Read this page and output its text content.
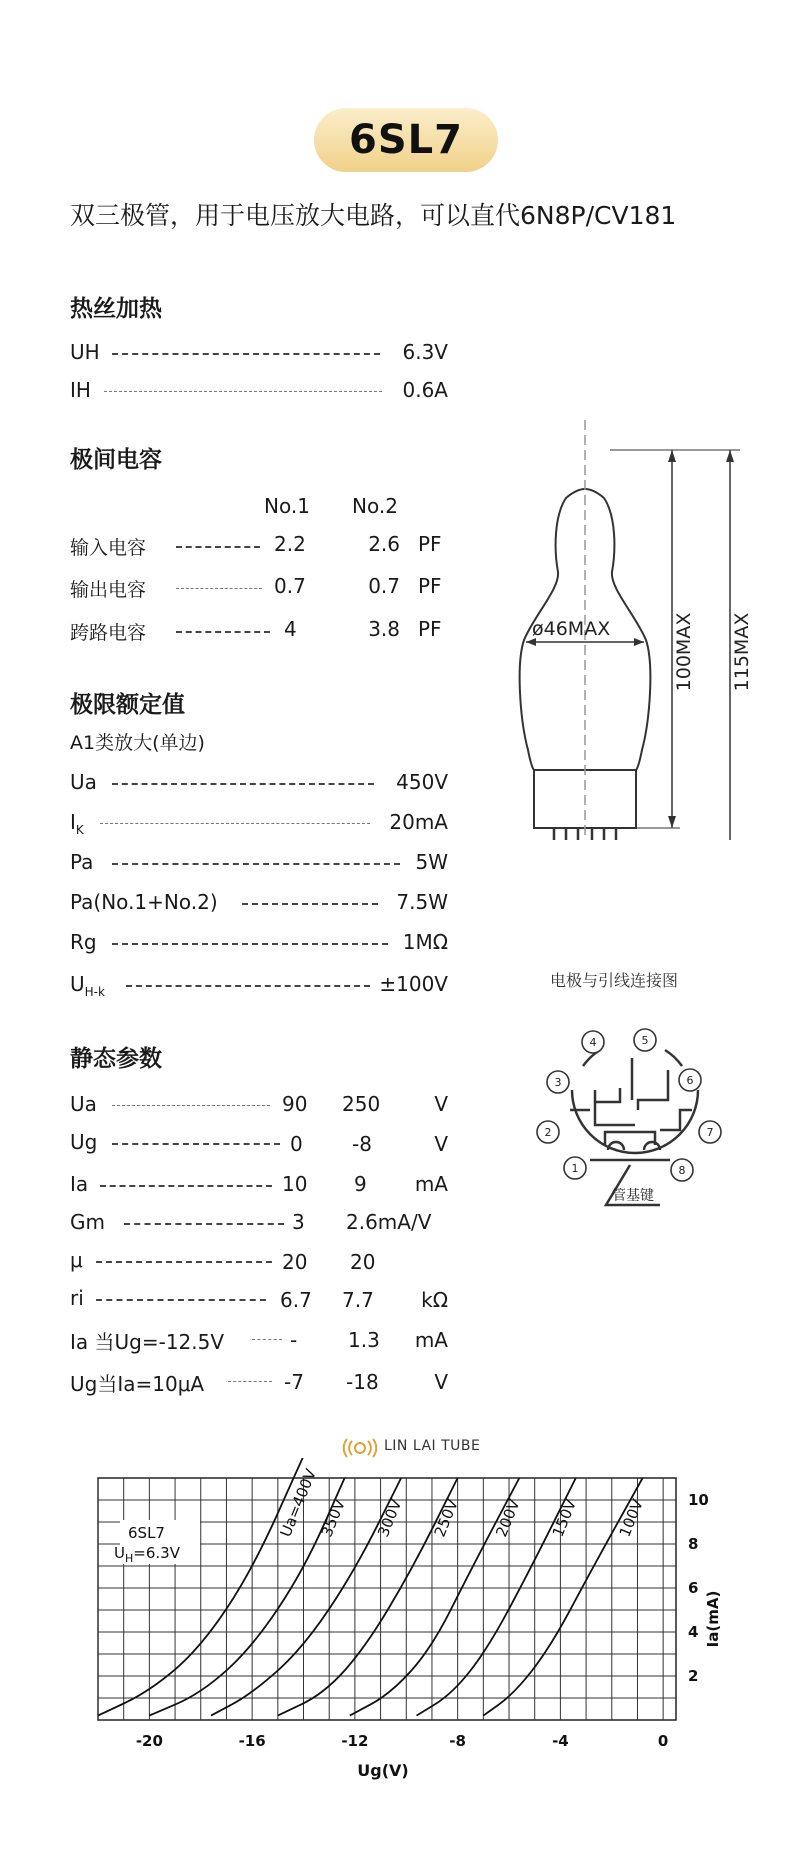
6SL7
双三极管，用于电压放大电路，可以直代6N8P/CV181
热丝加热
UH	6.3V
IH	0.6A
极间电容
No.1 No.2
输入电容	2.2	2.6 PF
输出电容	0.7	0.7 PF
跨路电容	4	3.8 PF
极限额定值
A1类放大(单边)
Ua	450V
$I_K$	20mA
Pa	5W
Pa(No.1+No.2)	7.5W
Rg	1MΩ
$U_{H-k}$	±100V
静态参数
Ua	90 250	V
Ug	0 -8	V
Ia	10 9	mA
Gm	3 2.6mA/V
μ	20 20
ri	6.7 7.7	kΩ
Ia 当Ug=-12.5V	-	1.3	mA
Ug当Ia=10μA	-7 -18	V
ø46MAX	100MAX 115MAX
电极与引线连接图
1
2
3
4	5
6
7
8
管基键
LIN LAI TUBE
-20	-16	-12	-8	-4	0
2
4
6
8
10
Ua=400V
350V 300V 250V 200V 150V 100V
Ug(V)
Ia(mA)
6SL7
$U_H=6.3V$
